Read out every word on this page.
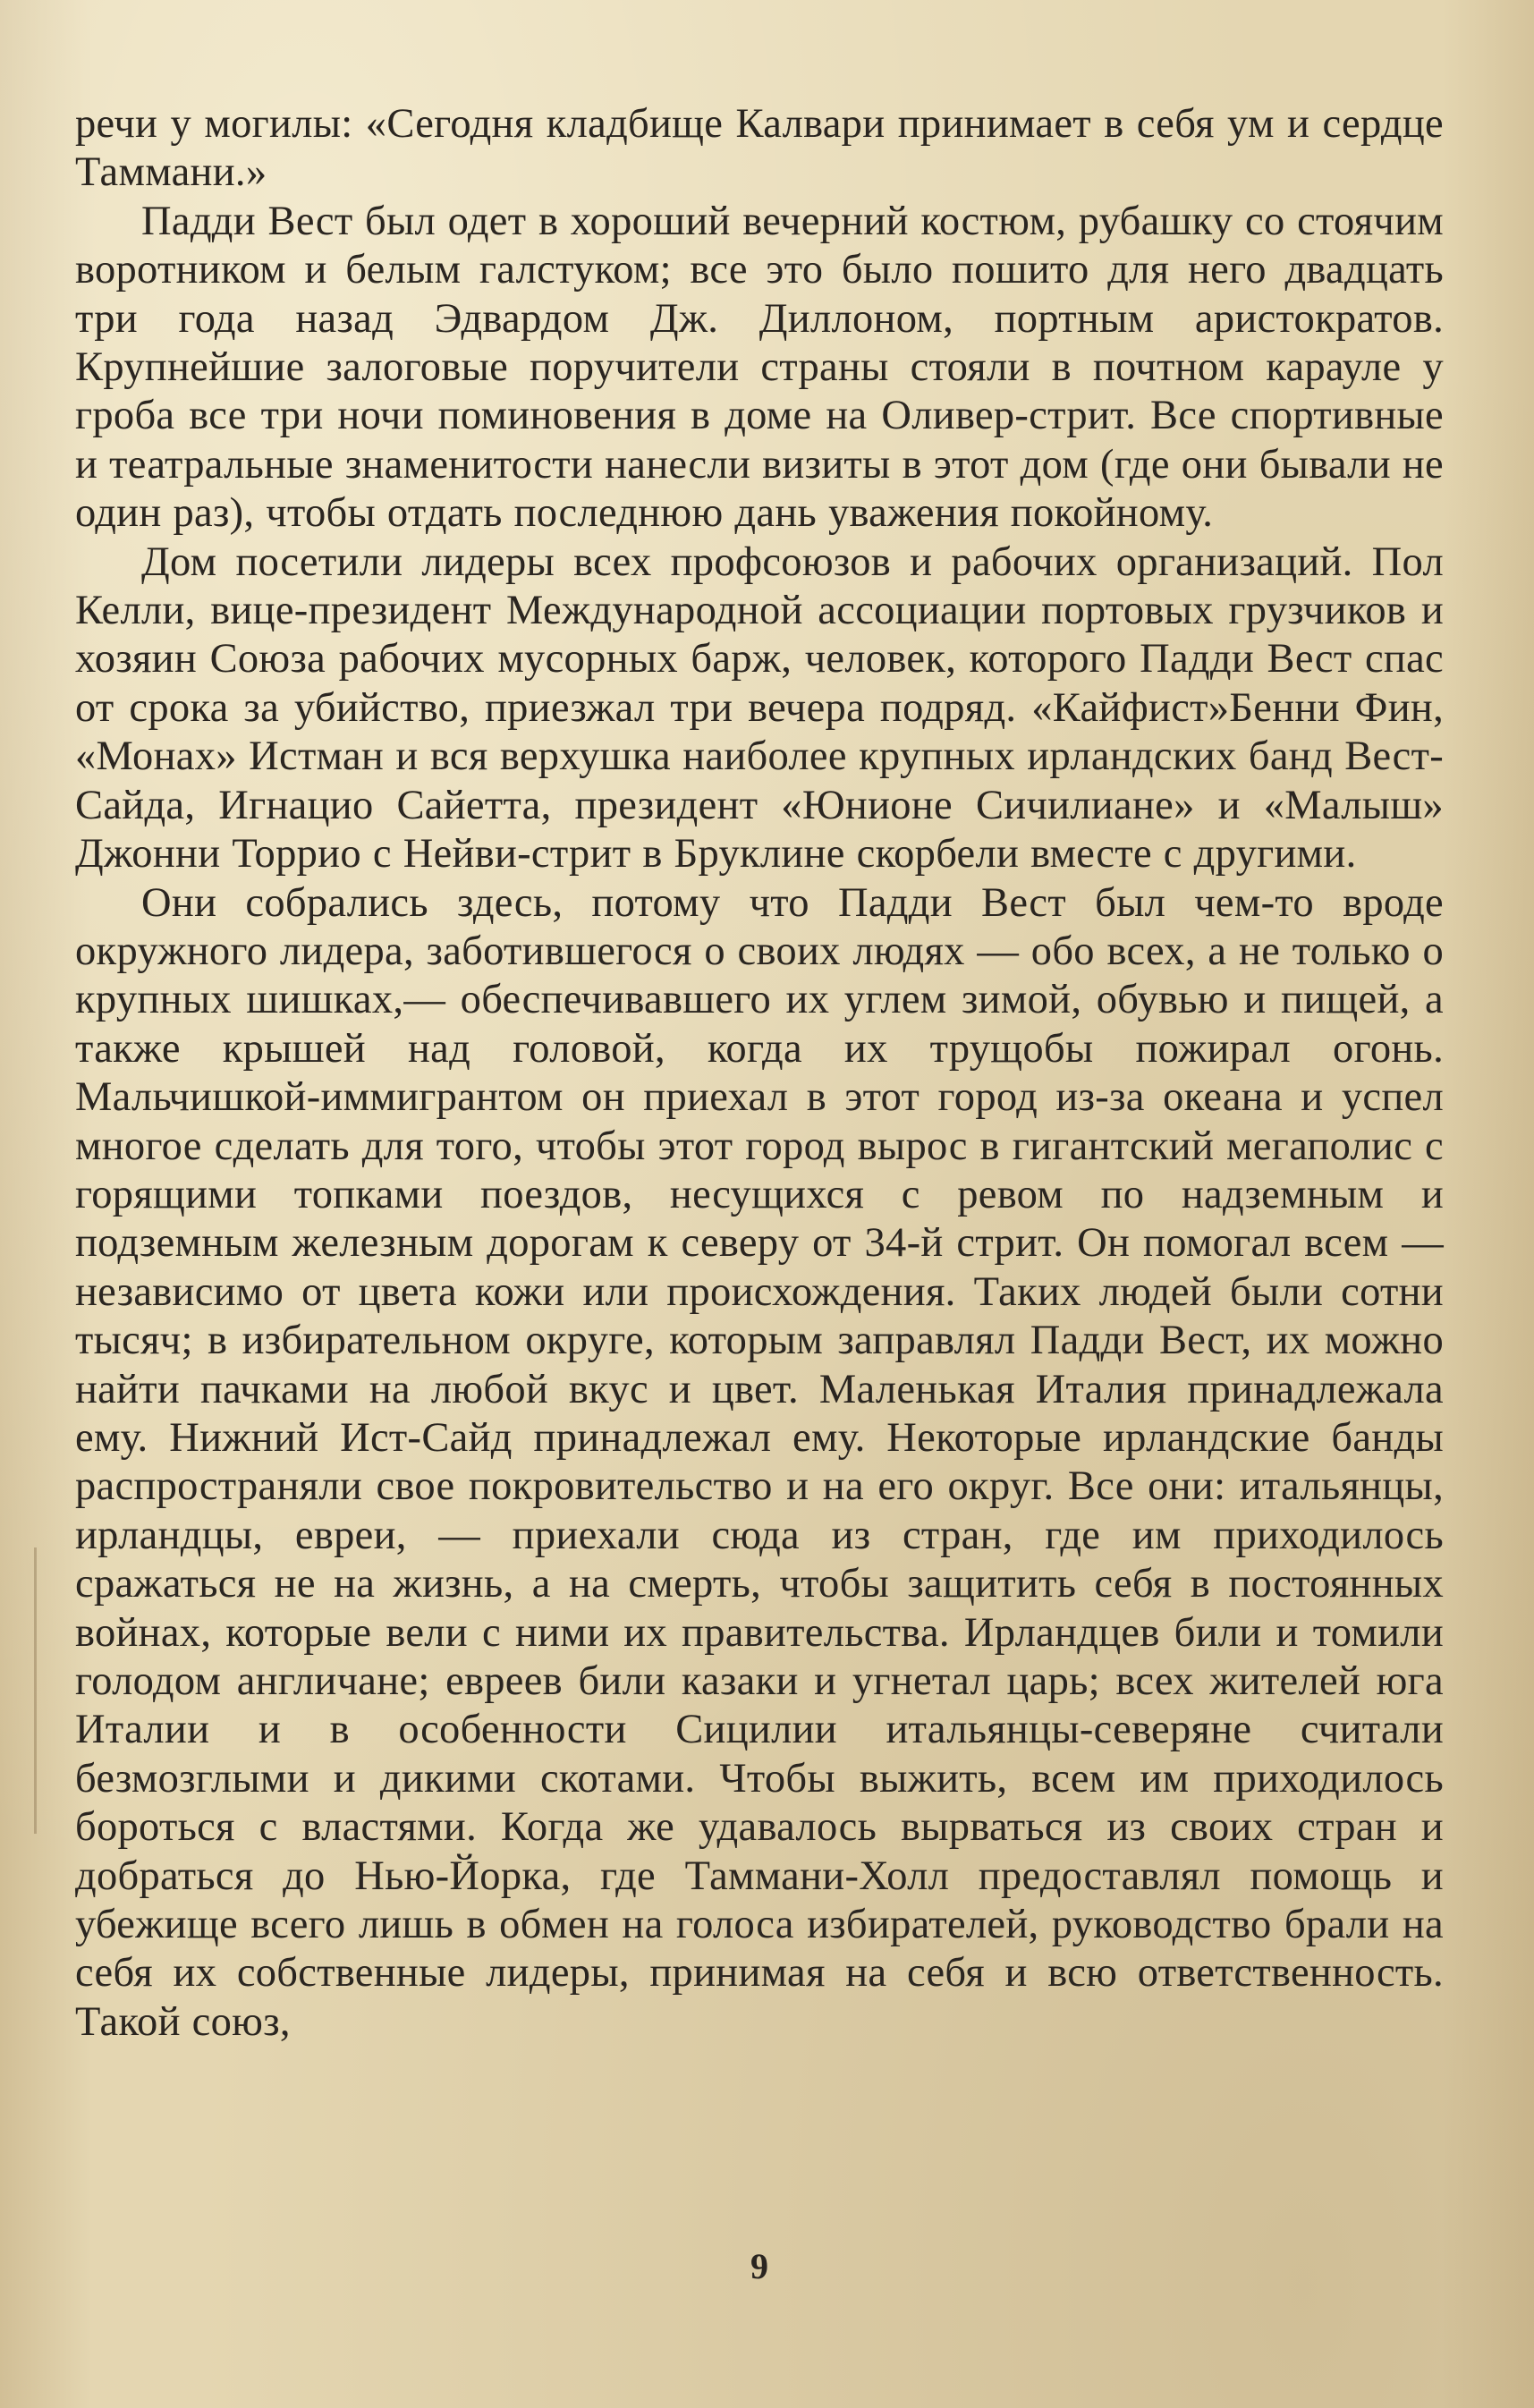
речи у могилы: «Сегодня кладбище Калвари принимает в себя ум и сердце Таммани.»

Падди Вест был одет в хороший вечерний костюм, рубашку со стоячим воротником и белым галстуком; все это было пошито для него двадцать три года назад Эдвардом Дж. Диллоном, портным аристократов. Крупнейшие залоговые поручители страны стояли в почтном карауле у гроба все три ночи поминовения в доме на Оливер-стрит. Все спортивные и театральные знаменитости нанесли визиты в этот дом (где они бывали не один раз), чтобы отдать последнюю дань уважения покойному.

Дом посетили лидеры всех профсоюзов и рабочих организаций. Пол Келли, вице-президент Международной ассоциации портовых грузчиков и хозяин Союза рабочих мусорных барж, человек, которого Падди Вест спас от срока за убийство, приезжал три вечера подряд. «Кайфист»Бенни Фин, «Монах» Истман и вся верхушка наиболее крупных ирландских банд Вест-Сайда, Игнацио Сайетта, президент «Юнионе Сичилиане» и «Малыш» Джонни Торрио с Нейви-стрит в Бруклине скорбели вместе с другими.

Они собрались здесь, потому что Падди Вест был чем-то вроде окружного лидера, заботившегося о своих людях — обо всех, а не только о крупных шишках,— обеспечивавшего их углем зимой, обувью и пищей, а также крышей над головой, когда их трущобы пожирал огонь. Мальчишкой-иммигрантом он приехал в этот город из-за океана и успел многое сделать для того, чтобы этот город вырос в гигантский мегаполис с горящими топками поездов, несущихся с ревом по надземным и подземным железным дорогам к северу от 34-й стрит. Он помогал всем — независимо от цвета кожи или происхождения. Таких людей были сотни тысяч; в избирательном округе, которым заправлял Падди Вест, их можно найти пачками на любой вкус и цвет. Маленькая Италия принадлежала ему. Нижний Ист-Сайд принадлежал ему. Некоторые ирландские банды распространяли свое покровительство и на его округ. Все они: итальянцы, ирландцы, евреи, — приехали сюда из стран, где им приходилось сражаться не на жизнь, а на смерть, чтобы защитить себя в постоянных войнах, которые вели с ними их правительства. Ирландцев били и томили голодом англичане; евреев били казаки и угнетал царь; всех жителей юга Италии и в особенности Сицилии итальянцы-северяне считали безмозглыми и дикими скотами. Чтобы выжить, всем им приходилось бороться с властями. Когда же удавалось вырваться из своих стран и добраться до Нью-Йорка, где Таммани-Холл предоставлял помощь и убежище всего лишь в обмен на голоса избирателей, руководство брали на себя их собственные лидеры, принимая на себя и всю ответственность. Такой союз,

9
